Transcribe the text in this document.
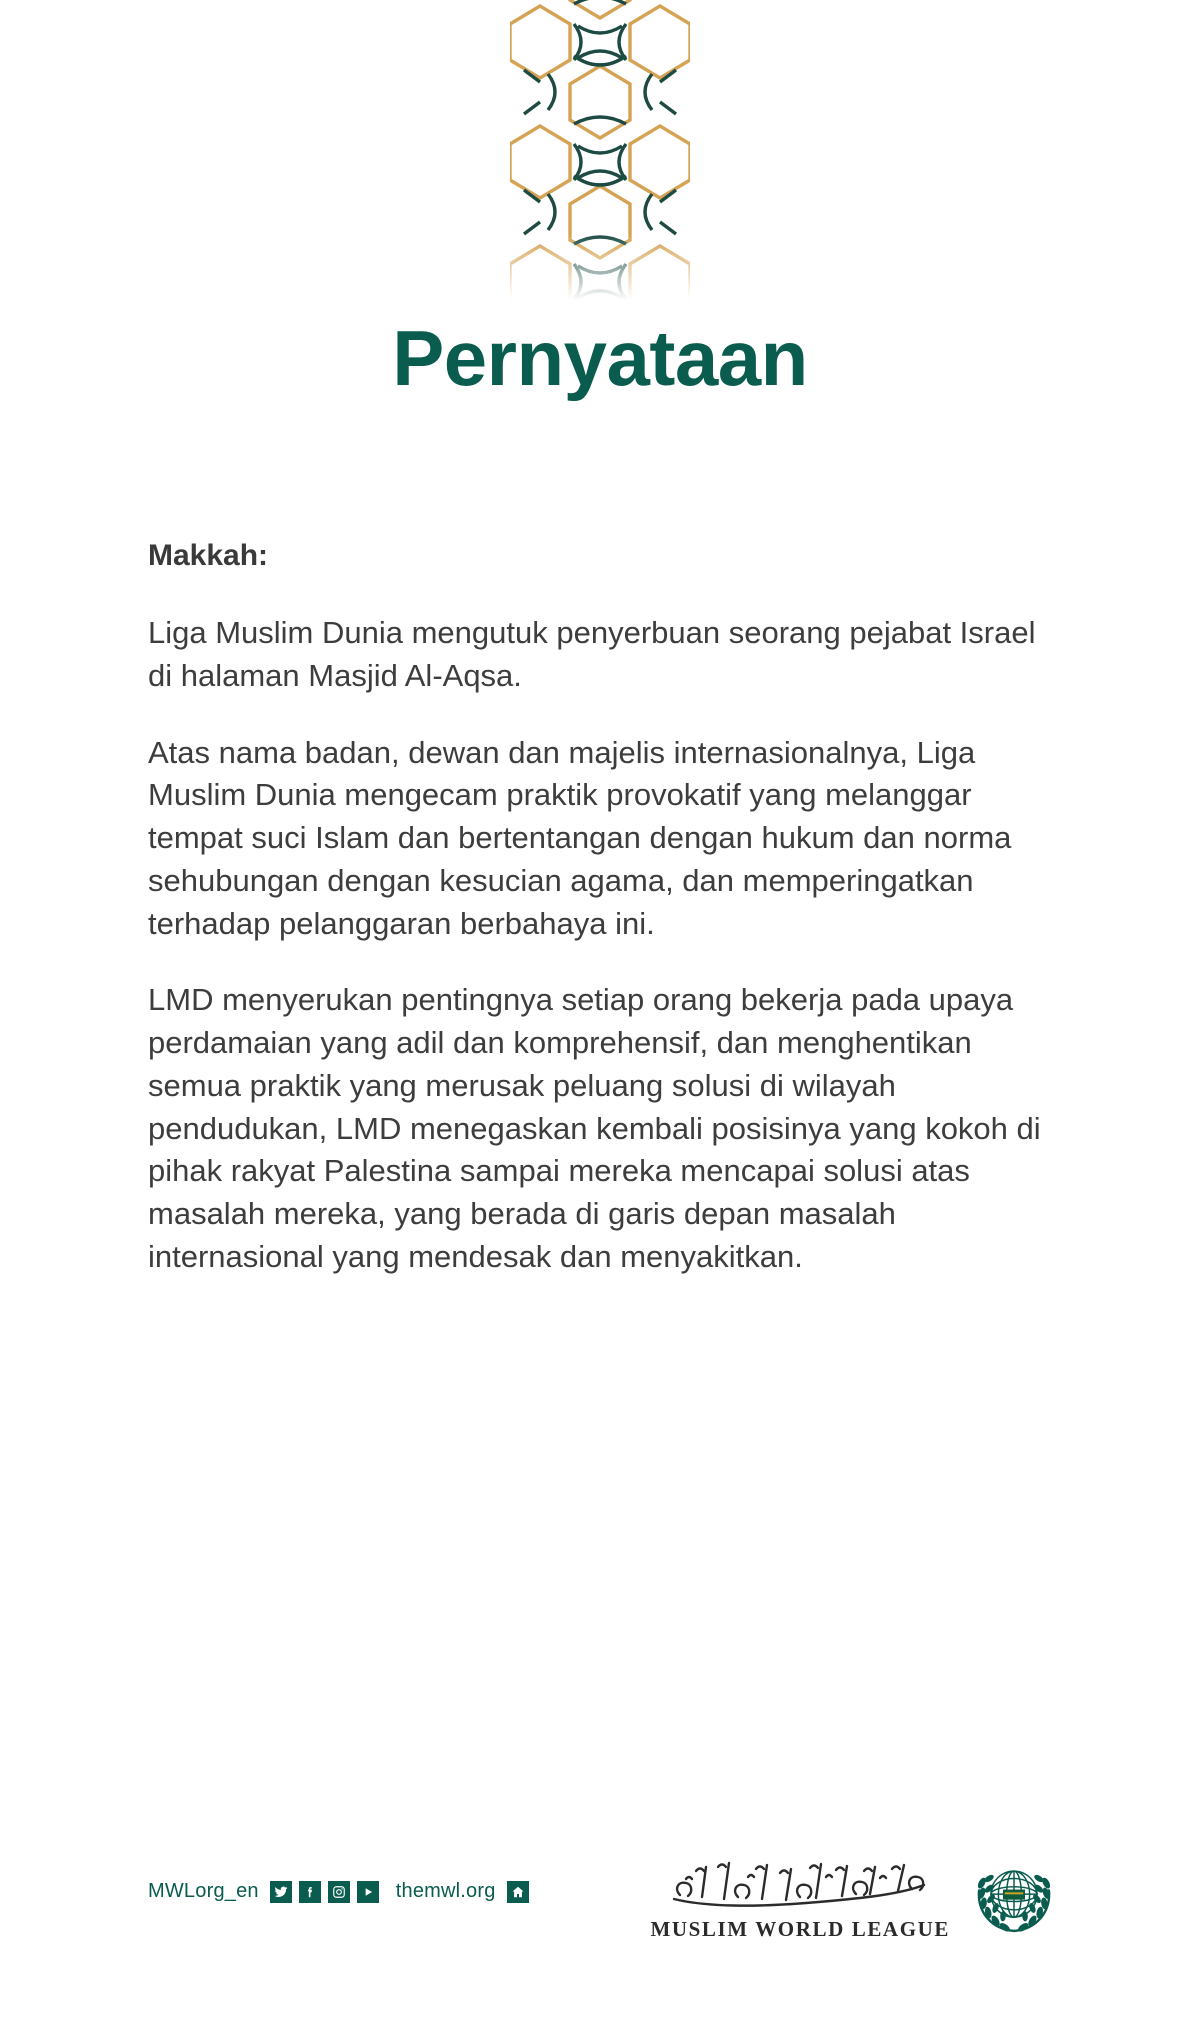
Pernyataan
Makkah:

Liga Muslim Dunia mengutuk penyerbuan seorang pejabat Israel di halaman Masjid Al-Aqsa.

Atas nama badan, dewan dan majelis internasionalnya, Liga Muslim Dunia mengecam praktik provokatif yang melanggar tempat suci Islam dan bertentangan dengan hukum dan norma sehubungan dengan kesucian agama, dan memperingatkan terhadap pelanggaran berbahaya ini.

LMD menyerukan pentingnya setiap orang bekerja pada upaya perdamaian yang adil dan komprehensif, dan menghentikan semua praktik yang merusak peluang solusi di wilayah pendudukan, LMD menegaskan kembali posisinya yang kokoh di pihak rakyat Palestina sampai mereka mencapai solusi atas masalah mereka, yang berada di garis depan masalah internasional yang mendesak dan menyakitkan.

MWLorg_en	themwl.org
MUSLIM WORLD LEAGUE
